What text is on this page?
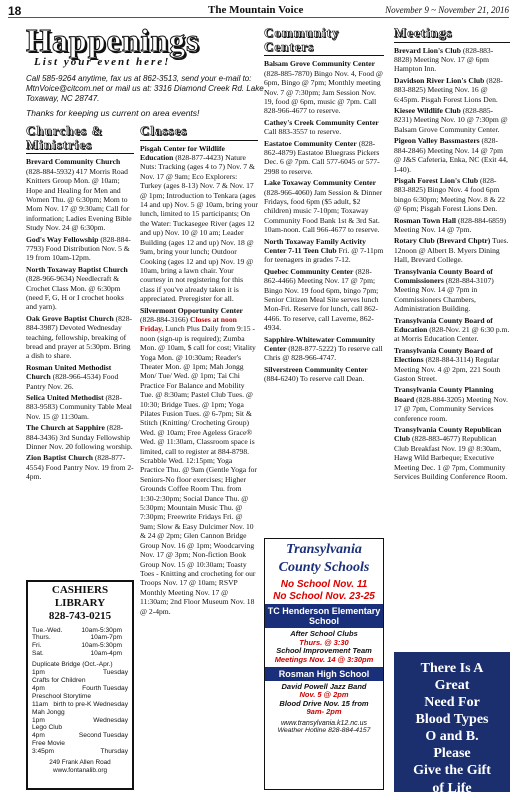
18	The Mountain Voice	November 9 ~ November 21, 2016
Happenings
List your event here!

Call 585-9264 anytime, fax us at 862-3513, send your e-mail to: MtnVoice@citcom.net or mail us at: 3316 Diamond Creek Rd. Lake Toxaway, NC 28747.

Thanks for keeping us current on area events!

Churches & Ministries
Brevard Community Church (828-884-5932) 417 Morris Road Knitters Group Mon. @ 10am; Hope and Healing for Men and Women Thu. @ 6:30pm; Mom to Mom Nov. 17 @ 9:30am; Call for information; Ladies Evening Bible Study Nov. 24 @ 6:30pm.
God's Way Fellowship (828-884-7793) Food Distribution Nov. 5 & 19 from 10am-12pm.
North Toxaway Baptist Church (828-966-9634) Needlecraft & Crochet Class Mon. @ 6:30pm (need F, G, H or I crochet hooks and yarn).
Oak Grove Baptist Church (828-884-3987) Devoted Wednesday teaching, fellowship, breaking of bread and prayer at 5:30pm. Bring a dish to share.
Rosman United Methodist Church (828-966-4534) Food Pantry Nov. 26.
Selica United Methodist (828-883-9583) Community Table Meal Nov. 15 @ 11:30am.
The Church at Sapphire (828-884-3436) 3rd Sunday Fellowship Dinner Nov. 20 following worship.
Zion Baptist Church (828-877-4554) Food Pantry Nov. 19 from 2-4pm.
CASHIERS LIBRARY
828-743-0215
Tue.-Wed.	10am-5:30pm
Thurs.	10am-7pm
Fri.	10am-5:30pm
Sat.	10am-4pm
Duplicate Bridge (Oct.-Apr.)
1pm	Tuesday
Crafts for Children
4pm	Fourth Tuesday
Preschool Storytime
11am birth to pre-K Wednesday
Mah Jongg
1pm	Wednesday
Lego Club
4pm	Second Tuesday
Free Movie
3:45pm	Thursday
249 Frank Allen Road
www.fontanalib.org
Classes
Pisgah Center for Wildlife Education (828-877-4423) Nature Nuts: Tracking (ages 4 to 7) Nov. 7 & Nov. 17 @ 9am; Eco Explorers: Turkey (ages 8-13) Nov. 7 & Nov. 17 @ 1pm; Introduction to Tenkara (ages 14 and up) Nov. 5 @ 10am, bring your lunch, limited to 15 participants; On the Water: Tuckasegee River (ages 12 and up) Nov. 10 @ 10 am; Leader Building (ages 12 and up) Nov. 18 @ 9am, bring your lunch; Outdoor Cooking (ages 12 and up) Nov. 19 @ 10am, bring a lawn chair. Your courtesy in not registering for this class if you've already taken it is appreciated. Preregister for all.
Silvermont Opportunity Center (828-884-3166) Closes at noon Friday. Lunch Plus Daily from 9:15 -noon (sign-up is required); Zumba Mon. @ 10am, $ call for cost; Vitality Yoga Mon. @ 10:30am; Reader's Theater Mon. @ 1pm; Mah Jongg Mon/ Tue/ Wed. @ 1pm; Tai Chi Practice For Balance and Mobility Tue. @ 8:30am; Pastel Club Tues. @ 10:30; Bridge Tues. @ 1pm; Yoga Pilates Fusion Tues. @ 6-7pm; Sit & Stitch (Knitting/ Crocheting Group) Wed. @ 10am; Free Ageless Grace® Wed. @ 11:30am, Classroom space is limited, call to register at 884-8798. Scrabble Wed. 12:15pm; Yoga Practice Thu. @ 9am (Gentle Yoga for Seniors-No floor exercises; Higher Grounds Coffee Room Thu. from 1:30-2:30pm; Social Dance Thu. @ 5:30pm; Mountain Music Thu. @ 7:30pm; Freewrite Fridays Fri. @ 9am; Slow & Easy Dulcimer Nov. 10 & 24 @ 2pm; Glen Cannon Bridge Group Nov. 16 @ 1pm; Woodcarving Nov. 17 @ 3pm; Non-fiction Book Group Nov. 15 @ 10:30am; Toasty Toes - Knitting and crocheting for our Troops Nov. 17 @ 10am; RSVP Monthly Meeting Nov. 17 @ 11:30am; 2nd Floor Museum Nov. 18 @ 2-4pm.
Community Centers
Balsam Grove Community Center (828-885-7870) Bingo Nov. 4, Food @ 6pm, Bingo @ 7pm; Monthly meeting Nov. 7 @ 7:30pm; Jam Session Nov. 19, food @ 6pm, music @ 7pm. Call 828-966-4677 to reserve.
Cathey's Creek Community Center Call 883-3557 to reserve.
Eastatoe Community Center (828-862-4879) Eastatoe Bluegrass Pickers Dec. 6 @ 7pm. Call 577-6045 or 577-2998 to reserve.
Lake Toxaway Community Center (828-966-4060) Jam Session & Dinner Fridays, food 6pm ($5 adult, $2 children) music 7-10pm; Toxaway Community Food Bank 1st & 3rd Sat. 10am-noon. Call 966-4677 to reserve.
North Toxaway Family Activity Center 7-11 Teen Club Fri. @ 7-11pm for teenagers in grades 7-12.
Quebec Community Center (828-862-4466) Meeting Nov. 17 @ 7pm; Bingo Nov. 19 food 6pm, bingo 7pm; Senior Citizen Meal Site serves lunch Mon-Fri. Reserve for lunch, call 862-4466. To reserve, call Laverne, 862-4934.
Sapphire-Whitewater Community Center (828-877-5222) To reserve call Chris @ 828-966-4747.
Silverstreen Community Center (884-6240) To reserve call Dean.
Transylvania
County Schools
No School Nov. 11
No School Nov. 23-25
TC Henderson Elementary School
After School Clubs
Thurs. @ 3:30
School Improvement Team
Meetings Nov. 14 @ 3:30pm
Rosman High School
David Powell Jazz Band
Nov. 5 @ 2pm
Blood Drive Nov. 15 from
9am- 2pm
www.transylvania.k12.nc.us
Weather Hotline 828-884-4157
Meetings
Brevard Lion's Club (828-883-8828) Meeting Nov. 17 @ 6pm Hampton Inn.
Davidson River Lion's Club (828-883-8825) Meeting Nov. 16 @ 6:45pm. Pisgah Forest Lions Den.
Kiesee Wildlife Club (828-885-8231) Meeting Nov. 10 @ 7:30pm @ Balsam Grove Community Center.
Pigeon Valley Bassmasters (828-884-2846) Meeting Nov. 14 @ 7pm @ J&S Cafeteria, Enka, NC (Exit 44, I-40).
Pisgah Forest Lion's Club (828-883-8825) Bingo Nov. 4 food 6pm bingo 6:30pm; Meeting Nov. 8 & 22 @ 6pm; Pisgah Forest Lions Den.
Rosman Town Hall (828-884-6859) Meeting Nov. 14 @ 7pm.
Rotary Club (Brevard Chptr) Tues. 12noon @ Albert B. Myers Dining Hall, Brevard College.
Transylvania County Board of Commissioners (828-884-3107) Meeting Nov. 14 @ 7pm in Commissioners Chambers, Administration Building.
Transylvania County Board of Education (828-Nov. 21 @ 6:30 p.m. at Morris Education Center.
Transylvania County Board of Elections (828-884-3114) Regular Meeting Nov. 4 @ 2pm, 221 South Gaston Street.
Transylvania County Planning Board (828-884-3205) Meeting Nov. 17 @ 7pm, Community Services conference room.
Transylvania County Republican Club (828-883-4677) Republican Club Breakfast Nov. 19 @ 8:30am, Hawg Wild Barbeque; Executive Meeting Dec. 1 @ 7pm, Community Services Building Conference Room.
There Is A
Great
Need For
Blood Types
O and B.
Please
Give the Gift
of Life
